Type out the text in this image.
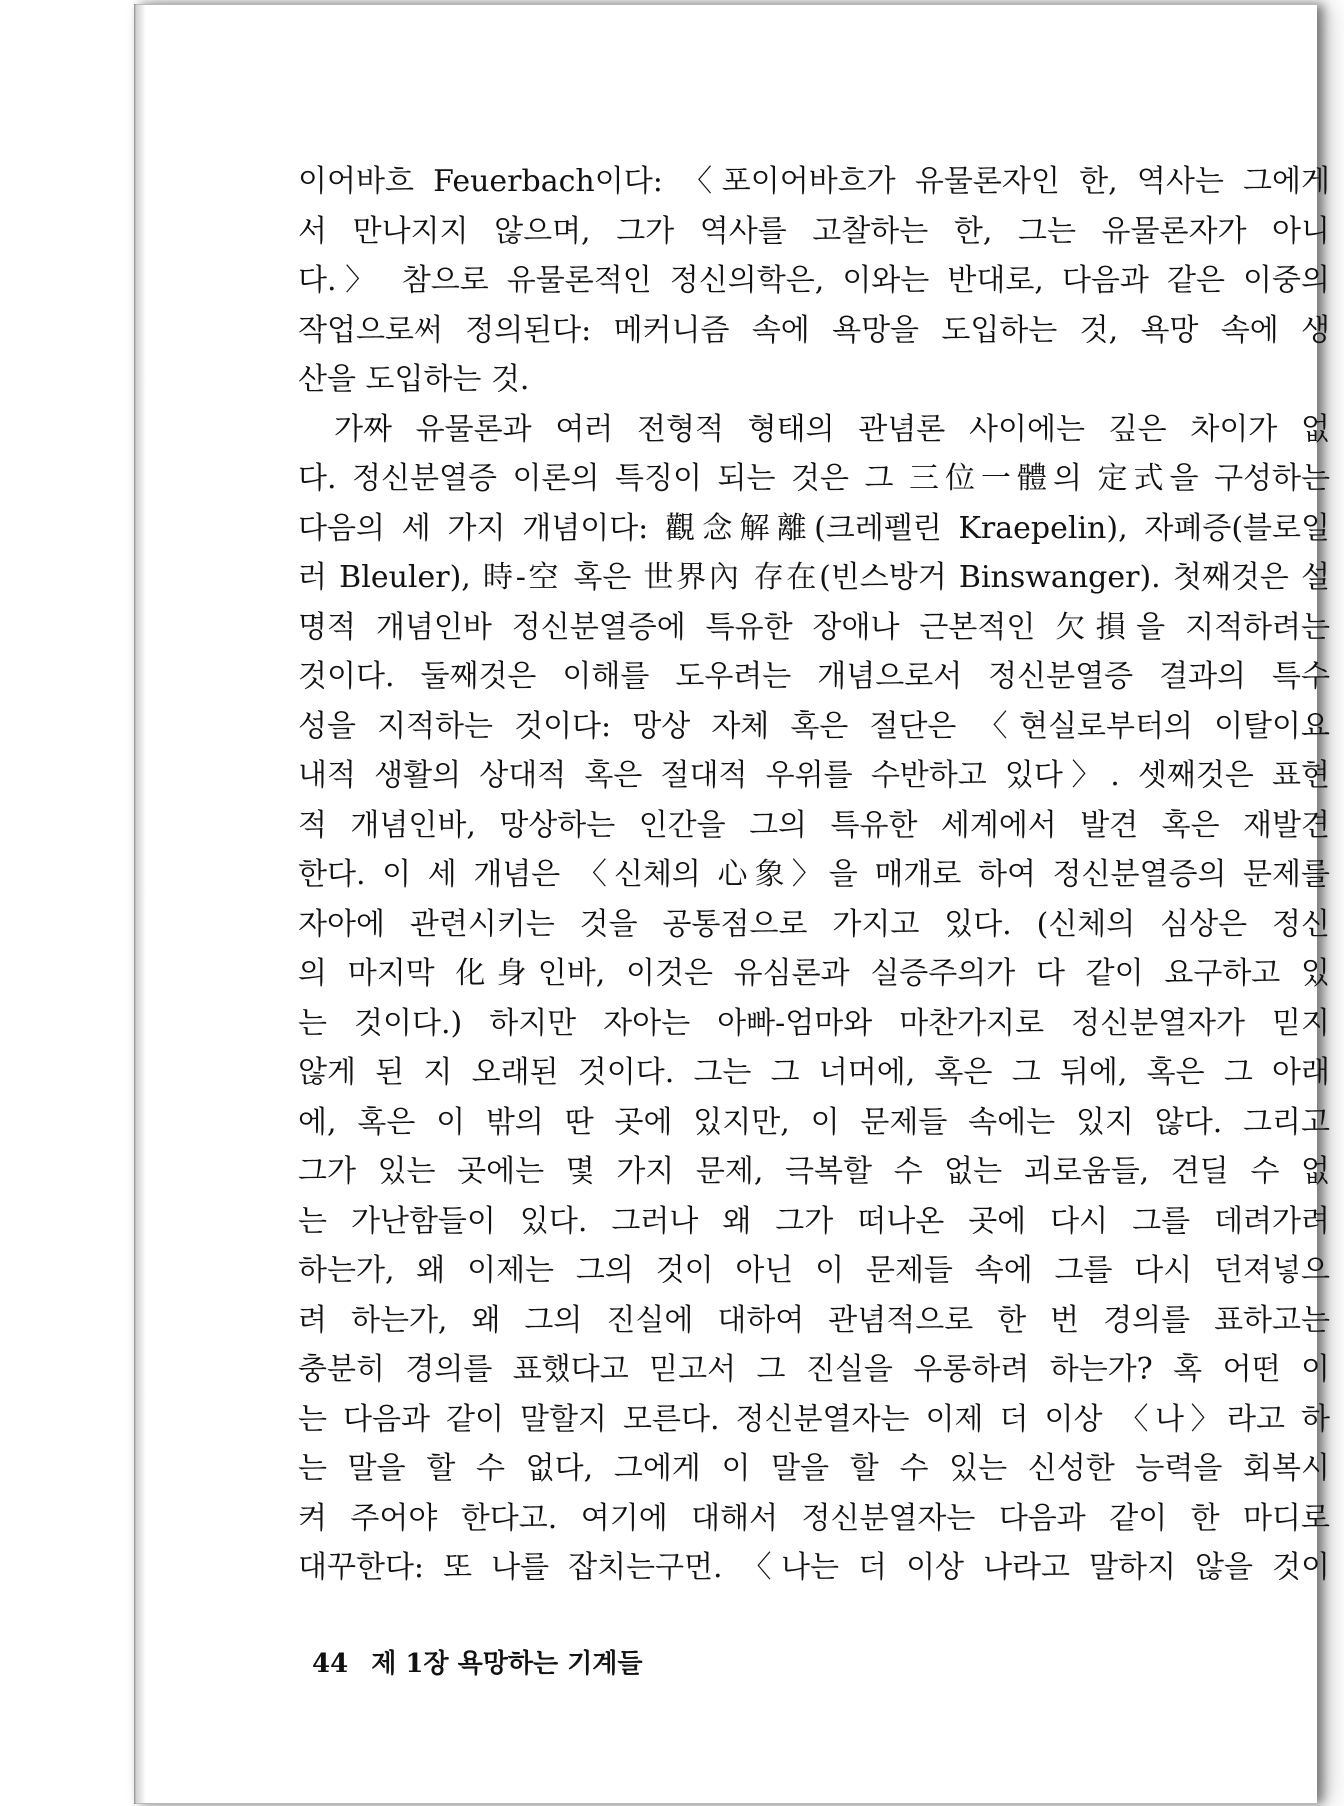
이어바흐 Feuerbach이다: 〈포이어바흐가 유물론자인 한, 역사는 그에게
서 만나지지 않으며, 그가 역사를 고찰하는 한, 그는 유물론자가 아니
다.〉 참으로 유물론적인 정신의학은, 이와는 반대로, 다음과 같은 이중의
작업으로써 정의된다: 메커니즘 속에 욕망을 도입하는 것, 욕망 속에 생
산을 도입하는 것.
가짜 유물론과 여러 전형적 형태의 관념론 사이에는 깊은 차이가 없
다. 정신분열증 이론의 특징이 되는 것은 그 三位一體의 定式을 구성하는
다음의 세 가지 개념이다: 觀念解離(크레펠린 Kraepelin), 자폐증(블로일
러 Bleuler), 時-空 혹은 世界內 存在(빈스방거 Binswanger). 첫째것은 설
명적 개념인바 정신분열증에 특유한 장애나 근본적인 欠損을 지적하려는
것이다. 둘째것은 이해를 도우려는 개념으로서 정신분열증 결과의 특수
성을 지적하는 것이다: 망상 자체 혹은 절단은 〈현실로부터의 이탈이요
내적 생활의 상대적 혹은 절대적 우위를 수반하고 있다〉. 셋째것은 표현
적 개념인바, 망상하는 인간을 그의 특유한 세계에서 발견 혹은 재발견
한다. 이 세 개념은 〈신체의 心象〉을 매개로 하여 정신분열증의 문제를
자아에 관련시키는 것을 공통점으로 가지고 있다. (신체의 심상은 정신
의 마지막 化身인바, 이것은 유심론과 실증주의가 다 같이 요구하고 있
는 것이다.) 하지만 자아는 아빠-엄마와 마찬가지로 정신분열자가 믿지
않게 된 지 오래된 것이다. 그는 그 너머에, 혹은 그 뒤에, 혹은 그 아래
에, 혹은 이 밖의 딴 곳에 있지만, 이 문제들 속에는 있지 않다. 그리고
그가 있는 곳에는 몇 가지 문제, 극복할 수 없는 괴로움들, 견딜 수 없
는 가난함들이 있다. 그러나 왜 그가 떠나온 곳에 다시 그를 데려가려
하는가, 왜 이제는 그의 것이 아닌 이 문제들 속에 그를 다시 던져넣으
려 하는가, 왜 그의 진실에 대하여 관념적으로 한 번 경의를 표하고는
충분히 경의를 표했다고 믿고서 그 진실을 우롱하려 하는가? 혹 어떤 이
는 다음과 같이 말할지 모른다. 정신분열자는 이제 더 이상 〈나〉라고 하
는 말을 할 수 없다, 그에게 이 말을 할 수 있는 신성한 능력을 회복시
켜 주어야 한다고. 여기에 대해서 정신분열자는 다음과 같이 한 마디로
대꾸한다: 또 나를 잡치는구먼. 〈나는 더 이상 나라고 말하지 않을 것이
44 제 1장 욕망하는 기계들
